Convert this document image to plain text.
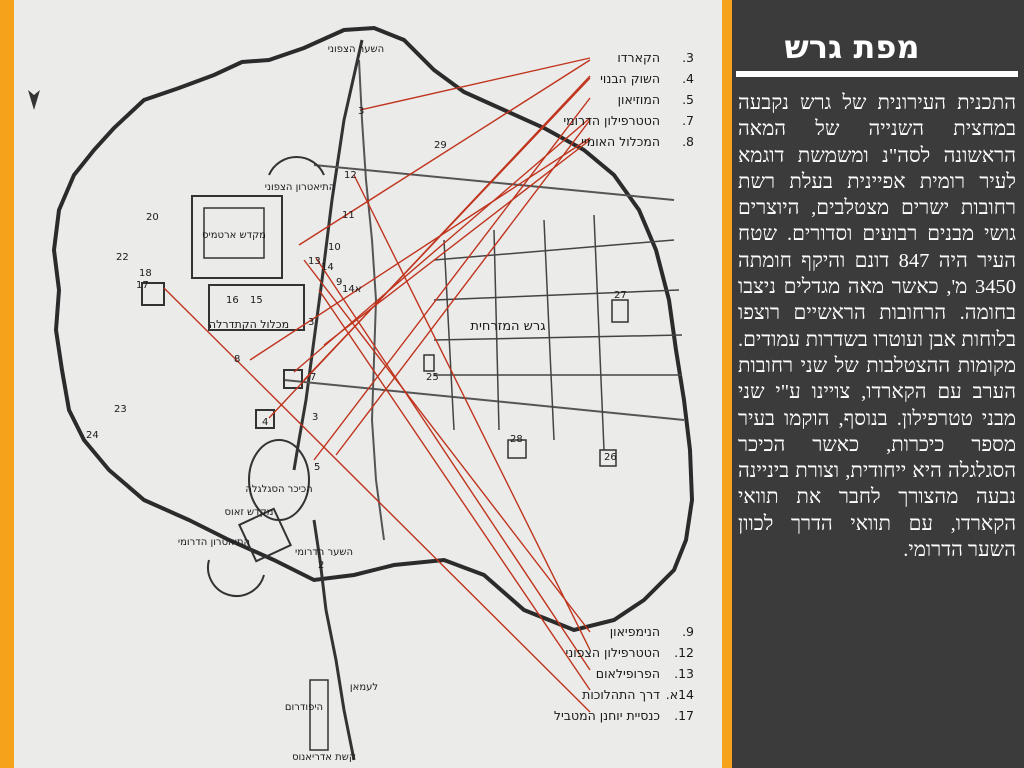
השער הצפוני
התיאטרון הצפוני
מקדש ארטמיס
מכלול הקתדרלה	גרש המזרחית
הכיכר הסגלגלה
מקדש זאוס
התיאטרון הדרומי
השער הדרומי
היפודרום
קשת אדריאנוס
לעמאן
2
3
4
5
7
8
9
10
11
12
13
14
14א
15
16
17
18
20
22
23
24
25
26
27
28
29
3
3
3 .הקארדו
4 .השוק הבנוי
5 .המוזיאון
7 .הטטרפילון הדרומי
8 .המכלול האומיי
9 .הנימפיאון
12 .הטטרפילון הצפוני
13 .הפרופילאום
14א .דרך התהלוכות
17 .כנסיית יוחנן המטביל
מפת גרש
התכנית העירונית של גרש נקבעה במחצית השנייה של המאה הראשונה לסה"נ ומשמשת דוגמא לעיר רומית אפיינית בעלת רשת רחובות ישרים מצטלבים, היוצרים גושי מבנים רבועים וסדורים. שטח העיר היה 847 דונם והיקף חומתה 3450 מ', כאשר מאה מגדלים ניצבו בחומה. הרחובות הראשיים רוצפו בלוחות אבן ועוטרו בשדרות עמודים. מקומות ההצטלבות של שני רחובות הערב עם הקארדו, צויינו ע"י שני מבני טטרפילון. בנוסף, הוקמו בעיר מספר כיכרות, כאשר הכיכר הסגלגלה היא ייחודית, וצורת ביניינה נבעה מהצורך לחבר את תוואי הקארדו, עם תוואי הדרך לכוון השער הדרומי.
